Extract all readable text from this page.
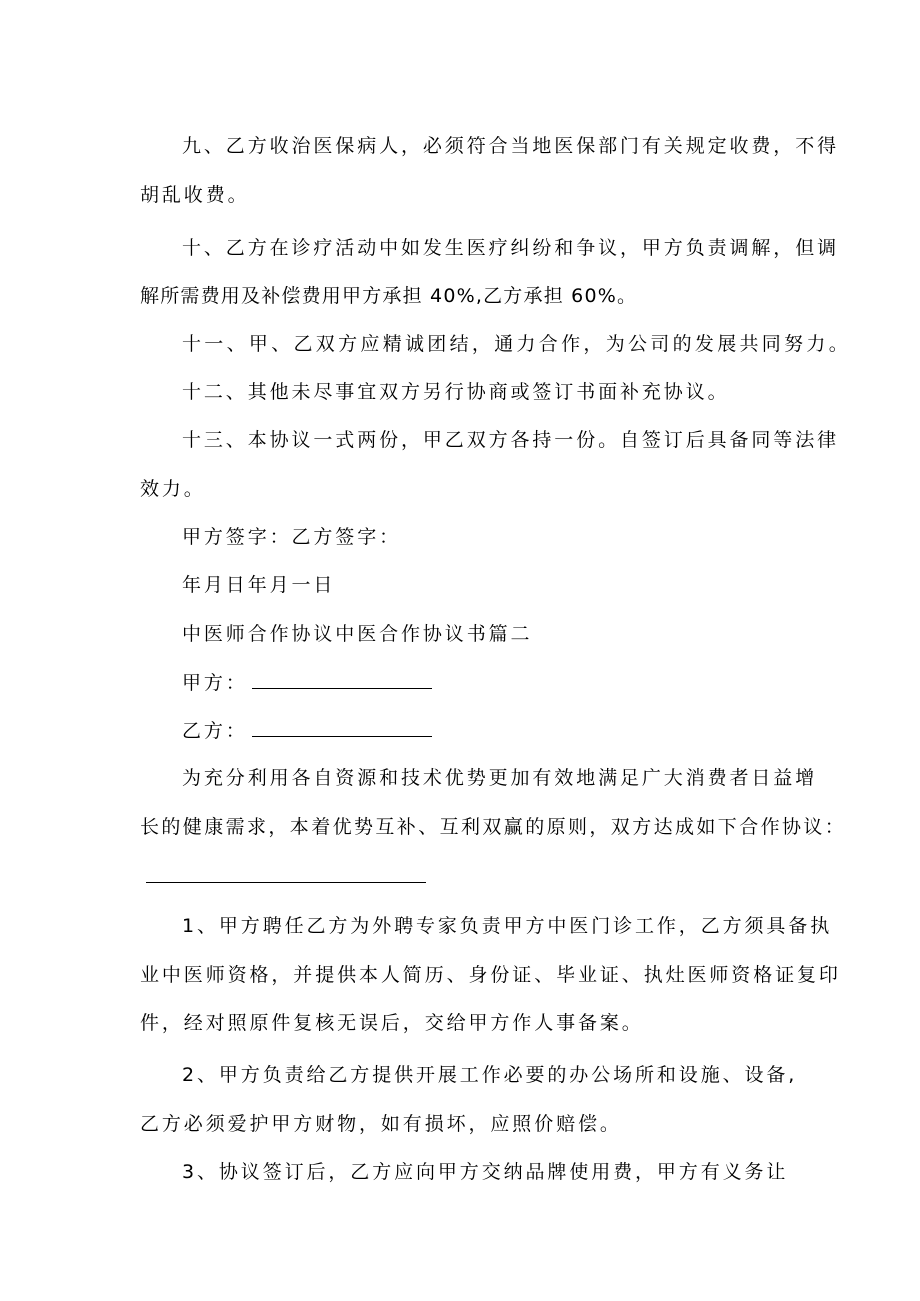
九、乙方收治医保病人，必须符合当地医保部门有关规定收费，不得
胡乱收费。
十、乙方在诊疗活动中如发生医疗纠纷和争议，甲方负责调解，但调
解所需费用及补偿费用甲方承担 40%,乙方承担 60%。
十一、甲、乙双方应精诚团结，通力合作，为公司的发展共同努力。
十二、其他未尽事宜双方另行协商或签订书面补充协议。
十三、本协议一式两份，甲乙双方各持一份。自签订后具备同等法律
效力。
甲方签字：乙方签字：
年月日年月一日
中医师合作协议中医合作协议书篇二
甲方：
乙方：
为充分利用各自资源和技术优势更加有效地满足广大消费者日益增
长的健康需求，本着优势互补、互利双赢的原则，双方达成如下合作协议：
1、甲方聘任乙方为外聘专家负责甲方中医门诊工作，乙方须具备执
业中医师资格，并提供本人简历、身份证、毕业证、执灶医师资格证复印
件，经对照原件复核无误后，交给甲方作人事备案。
2、甲方负责给乙方提供开展工作必要的办公场所和设施、设备,
乙方必须爱护甲方财物，如有损坏，应照价赔偿。
3、协议签订后，乙方应向甲方交纳品牌使用费，甲方有义务让
